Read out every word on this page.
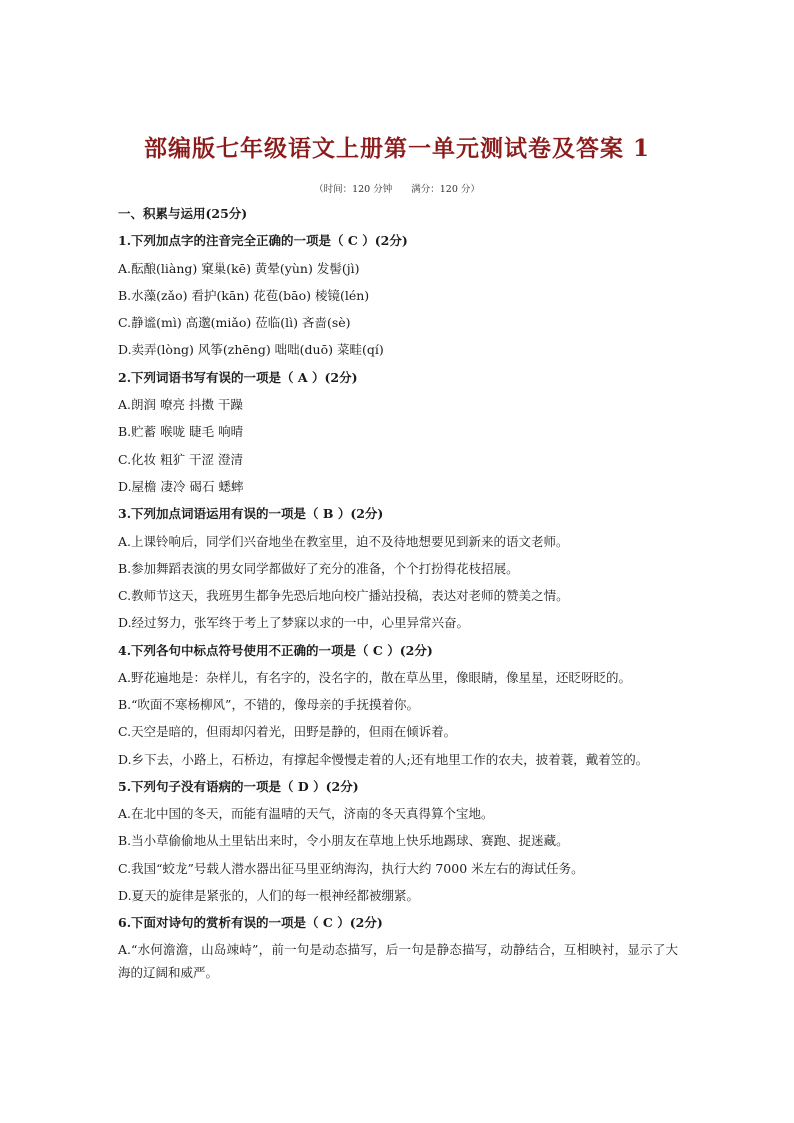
部编版七年级语文上册第一单元测试卷及答案 1
（时间：120 分钟 满分：120 分）
一、积累与运用(25分)
1.下列加点字的注音完全正确的一项是（ C ）(2分)
A.酝酿(liàng) 窠巢(kē) 黄晕(yùn) 发髻(jì)
B.水藻(zǎo) 看护(kān) 花苞(bāo) 棱镜(lén)
C.静谧(mì) 高邈(miǎo) 莅临(lì) 吝啬(sè)
D.卖弄(lòng) 风筝(zhēng) 咄咄(duō) 菜畦(qí)
2.下列词语书写有误的一项是（ A ）(2分)
A.朗润 嘹亮 抖擞 干躁
B.贮蓄 喉咙 睫毛 响晴
C.化妆 粗犷 干涩 澄清
D.屋檐 凄冷 碣石 蟋蟀
3.下列加点词语运用有误的一项是（ B ）(2分)
A.上课铃响后，同学们兴奋地坐在教室里，迫不及待地想要见到新来的语文老师。
B.参加舞蹈表演的男女同学都做好了充分的准备，个个打扮得花枝招展。
C.教师节这天，我班男生都争先恐后地向校广播站投稿，表达对老师的赞美之情。
D.经过努力，张军终于考上了梦寐以求的一中，心里异常兴奋。
4.下列各句中标点符号使用不正确的一项是（ C ）(2分)
A.野花遍地是：杂样儿，有名字的，没名字的，散在草丛里，像眼睛，像星星，还眨呀眨的。
B.“吹面不寒杨柳风”，不错的，像母亲的手抚摸着你。
C.天空是暗的，但雨却闪着光，田野是静的，但雨在倾诉着。
D.乡下去，小路上，石桥边，有撑起伞慢慢走着的人;还有地里工作的农夫，披着蓑，戴着笠的。
5.下列句子没有语病的一项是（ D ）(2分)
A.在北中国的冬天，而能有温晴的天气，济南的冬天真得算个宝地。
B.当小草偷偷地从土里钻出来时，令小朋友在草地上快乐地踢球、赛跑、捉迷藏。
C.我国“蛟龙”号载人潜水器出征马里亚纳海沟，执行大约 7000 米左右的海试任务。
D.夏天的旋律是紧张的，人们的每一根神经都被绷紧。
6.下面对诗句的赏析有误的一项是（ C ）(2分)
A.“水何澹澹，山岛竦峙”，前一句是动态描写，后一句是静态描写，动静结合，互相映衬，显示了大海的辽阔和威严。
